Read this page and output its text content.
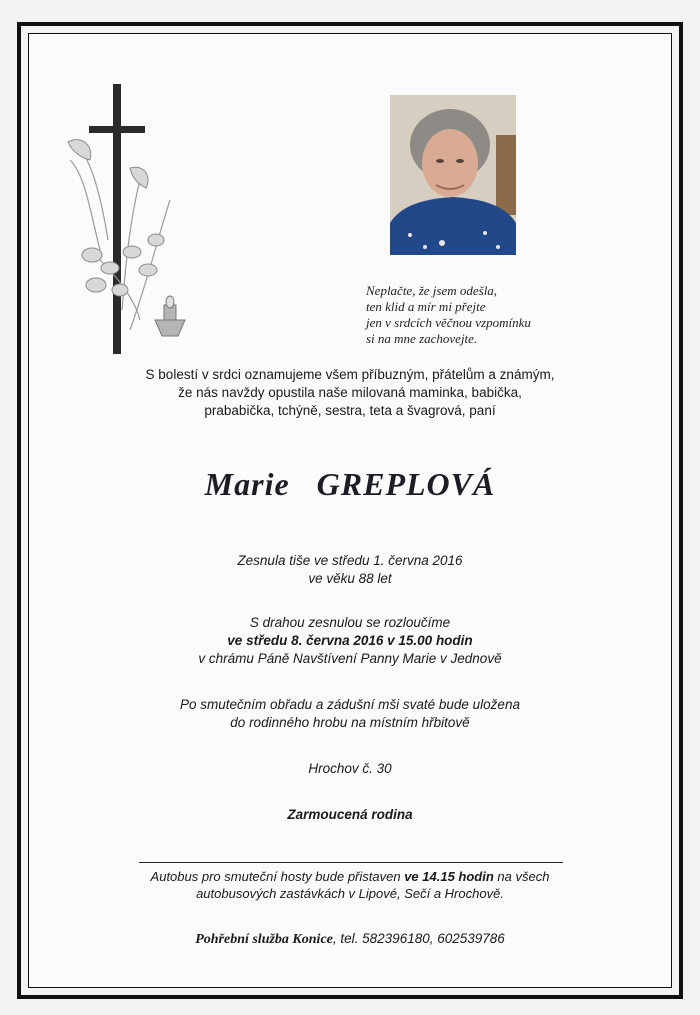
Neplačte, že jsem odešla,
ten klid a mír mi přejte
jen v srdcích věčnou vzpomínku
si na mne zachovejte.
S bolestí v srdci oznamujeme všem příbuzným, přátelům a známým,
že nás navždy opustila naše milovaná maminka, babička,
prababička, tchýně, sestra, teta a švagrová, paní
Marie GREPLOVÁ
Zesnula tiše ve středu 1. června 2016
ve věku 88 let
S drahou zesnulou se rozloučíme
ve středu 8. června 2016 v 15.00 hodin
v chrámu Páně Navštívení Panny Marie v Jednově
Po smutečním obřadu a zádušní mši svaté bude uložena
do rodinného hrobu na místním hřbitově
Hrochov č. 30
Zarmoucená rodina
Autobus pro smuteční hosty bude přistaven ve 14.15 hodin na všech
autobusových zastávkách v Lipové, Sečí a Hrochově.
Pohřební služba Konice, tel. 582396180, 602539786
